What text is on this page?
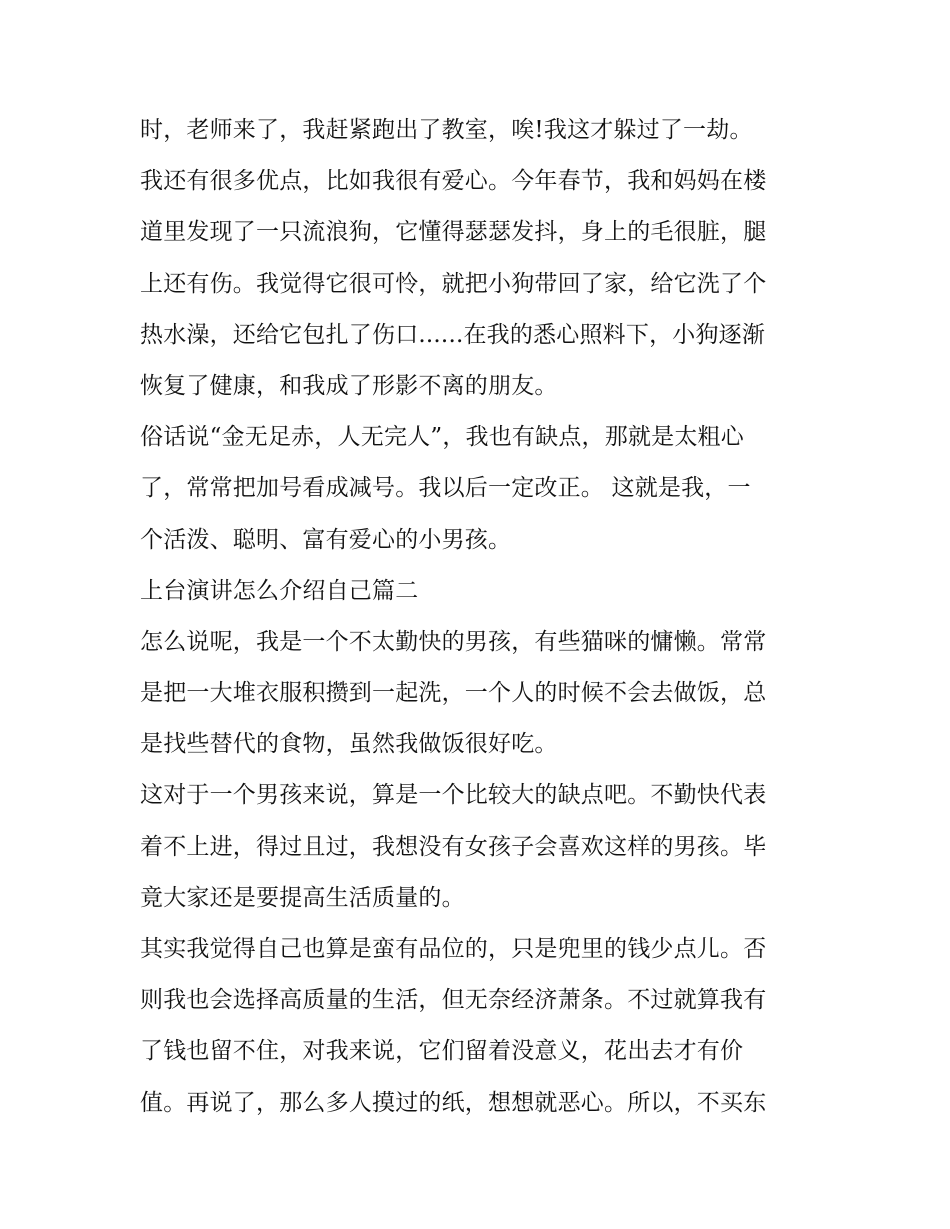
时，老师来了，我赶紧跑出了教室，唉!我这才躲过了一劫。
我还有很多优点，比如我很有爱心。今年春节，我和妈妈在楼
道里发现了一只流浪狗，它懂得瑟瑟发抖，身上的毛很脏，腿
上还有伤。我觉得它很可怜，就把小狗带回了家，给它洗了个
热水澡，还给它包扎了伤口......在我的悉心照料下，小狗逐渐
恢复了健康，和我成了形影不离的朋友。
俗话说“金无足赤，人无完人”，我也有缺点，那就是太粗心
了，常常把加号看成减号。我以后一定改正。 这就是我，一
个活泼、聪明、富有爱心的小男孩。
上台演讲怎么介绍自己篇二
怎么说呢，我是一个不太勤快的男孩，有些猫咪的慵懒。常常
是把一大堆衣服积攒到一起洗，一个人的时候不会去做饭，总
是找些替代的食物，虽然我做饭很好吃。
这对于一个男孩来说，算是一个比较大的缺点吧。不勤快代表
着不上进，得过且过，我想没有女孩子会喜欢这样的男孩。毕
竟大家还是要提高生活质量的。
其实我觉得自己也算是蛮有品位的，只是兜里的钱少点儿。否
则我也会选择高质量的生活，但无奈经济萧条。不过就算我有
了钱也留不住，对我来说，它们留着没意义，花出去才有价
值。再说了，那么多人摸过的纸，想想就恶心。所以，不买东
